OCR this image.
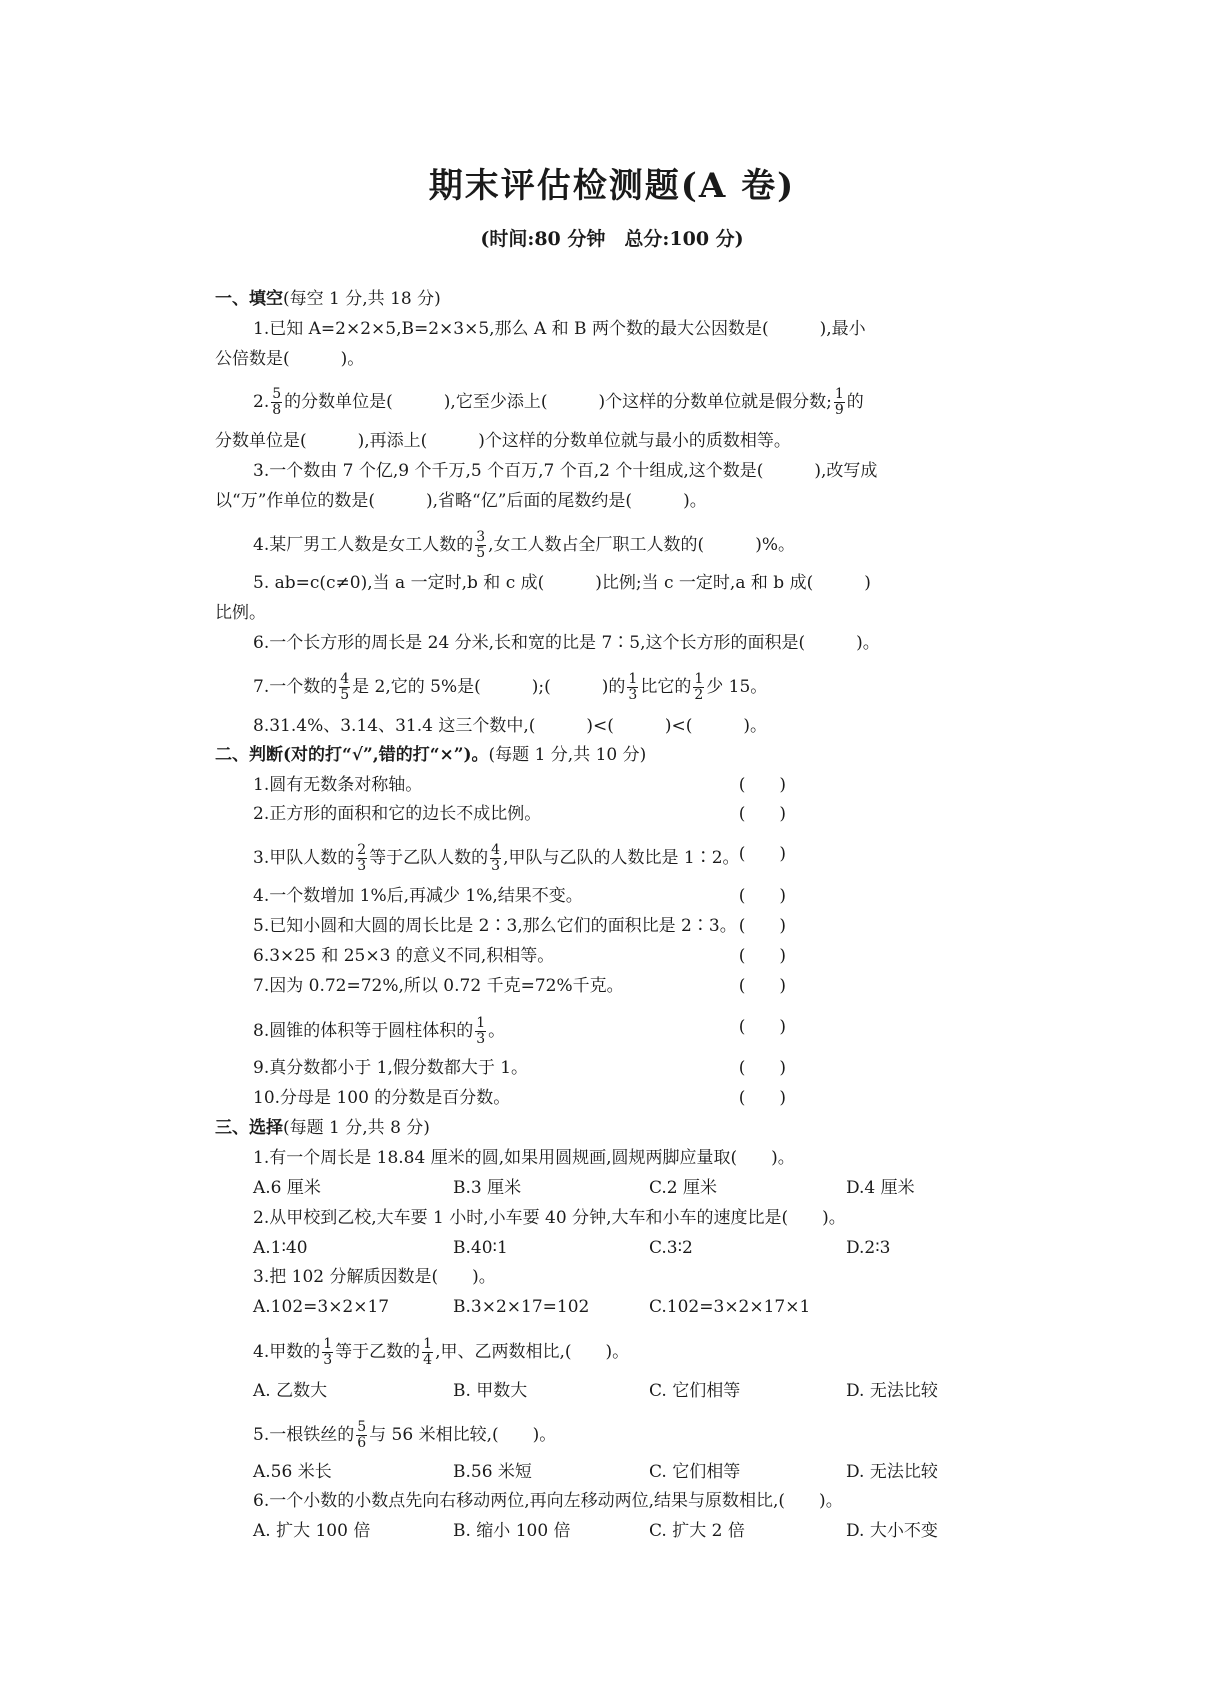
期末评估检测题(A 卷)
(时间:80 分钟　总分:100 分)
一、填空(每空 1 分,共 18 分)
1.已知 A=2×2×5,B=2×3×5,那么 A 和 B 两个数的最大公因数是(　　　),最小
公倍数是(　　　)。
2. $\frac{5}{8}$ 的分数单位是(　　　),它至少添上(　　　)个这样的分数单位就是假分数; $\frac{1}{9}$ 的
分数单位是(　　　),再添上(　　　)个这样的分数单位就与最小的质数相等。
3.一个数由 7 个亿,9 个千万,5 个百万,7 个百,2 个十组成,这个数是(　　　),改写成
以“万”作单位的数是(　　　),省略“亿”后面的尾数约是(　　　)。
4.某厂男工人数是女工人数的 $\frac{3}{5}$ ,女工人数占全厂职工人数的(　　　)%。
5. ab=c(c≠0),当 a 一定时,b 和 c 成(　　　)比例;当 c 一定时,a 和 b 成(　　　)
比例。
6.一个长方形的周长是 24 分米,长和宽的比是 7∶5,这个长方形的面积是(　　　)。
7.一个数的 $\frac{4}{5}$ 是 2,它的 5%是(　　　);(　　　)的 $\frac{1}{3}$ 比它的 $\frac{1}{2}$ 少 15。
8.31.4%、3.14、31.4 这三个数中,(　　　)<(　　　)<(　　　)。
二、判断(对的打“√”,错的打“×”)。(每题 1 分,共 10 分)
1.圆有无数条对称轴。	(　　)
2.正方形的面积和它的边长不成比例。	(　　)
3.甲队人数的 $\frac{2}{3}$ 等于乙队人数的 $\frac{4}{3}$ ,甲队与乙队的人数比是 1∶2。 (　　)
4.一个数增加 1%后,再减少 1%,结果不变。	(　　)
5.已知小圆和大圆的周长比是 2∶3,那么它们的面积比是 2∶3。 (　　)
6.3×25 和 25×3 的意义不同,积相等。	(　　)
7.因为 0.72=72%,所以 0.72 千克=72%千克。	(　　)
8.圆锥的体积等于圆柱体积的 $\frac{1}{3}$ 。	(　　)
9.真分数都小于 1,假分数都大于 1。	(　　)
10.分母是 100 的分数是百分数。	(　　)
三、选择(每题 1 分,共 8 分)
1.有一个周长是 18.84 厘米的圆,如果用圆规画,圆规两脚应量取(　　)。
A.6 厘米	B.3 厘米	C.2 厘米	D.4 厘米
2.从甲校到乙校,大车要 1 小时,小车要 40 分钟,大车和小车的速度比是(　　)。
A.1∶40	B.40∶1	C.3∶2	D.2∶3
3.把 102 分解质因数是(　　)。
A.102=3×2×17	B.3×2×17=102	C.102=3×2×17×1
4.甲数的 $\frac{1}{3}$ 等于乙数的 $\frac{1}{4}$ ,甲、乙两数相比,(　　)。
A. 乙数大	B. 甲数大	C. 它们相等	D. 无法比较
5.一根铁丝的 $\frac{5}{6}$ 与 56 米相比较,(　　)。
A.56 米长	B.56 米短	C. 它们相等	D. 无法比较
6.一个小数的小数点先向右移动两位,再向左移动两位,结果与原数相比,(　　)。
A. 扩大 100 倍	B. 缩小 100 倍	C. 扩大 2 倍	D. 大小不变
